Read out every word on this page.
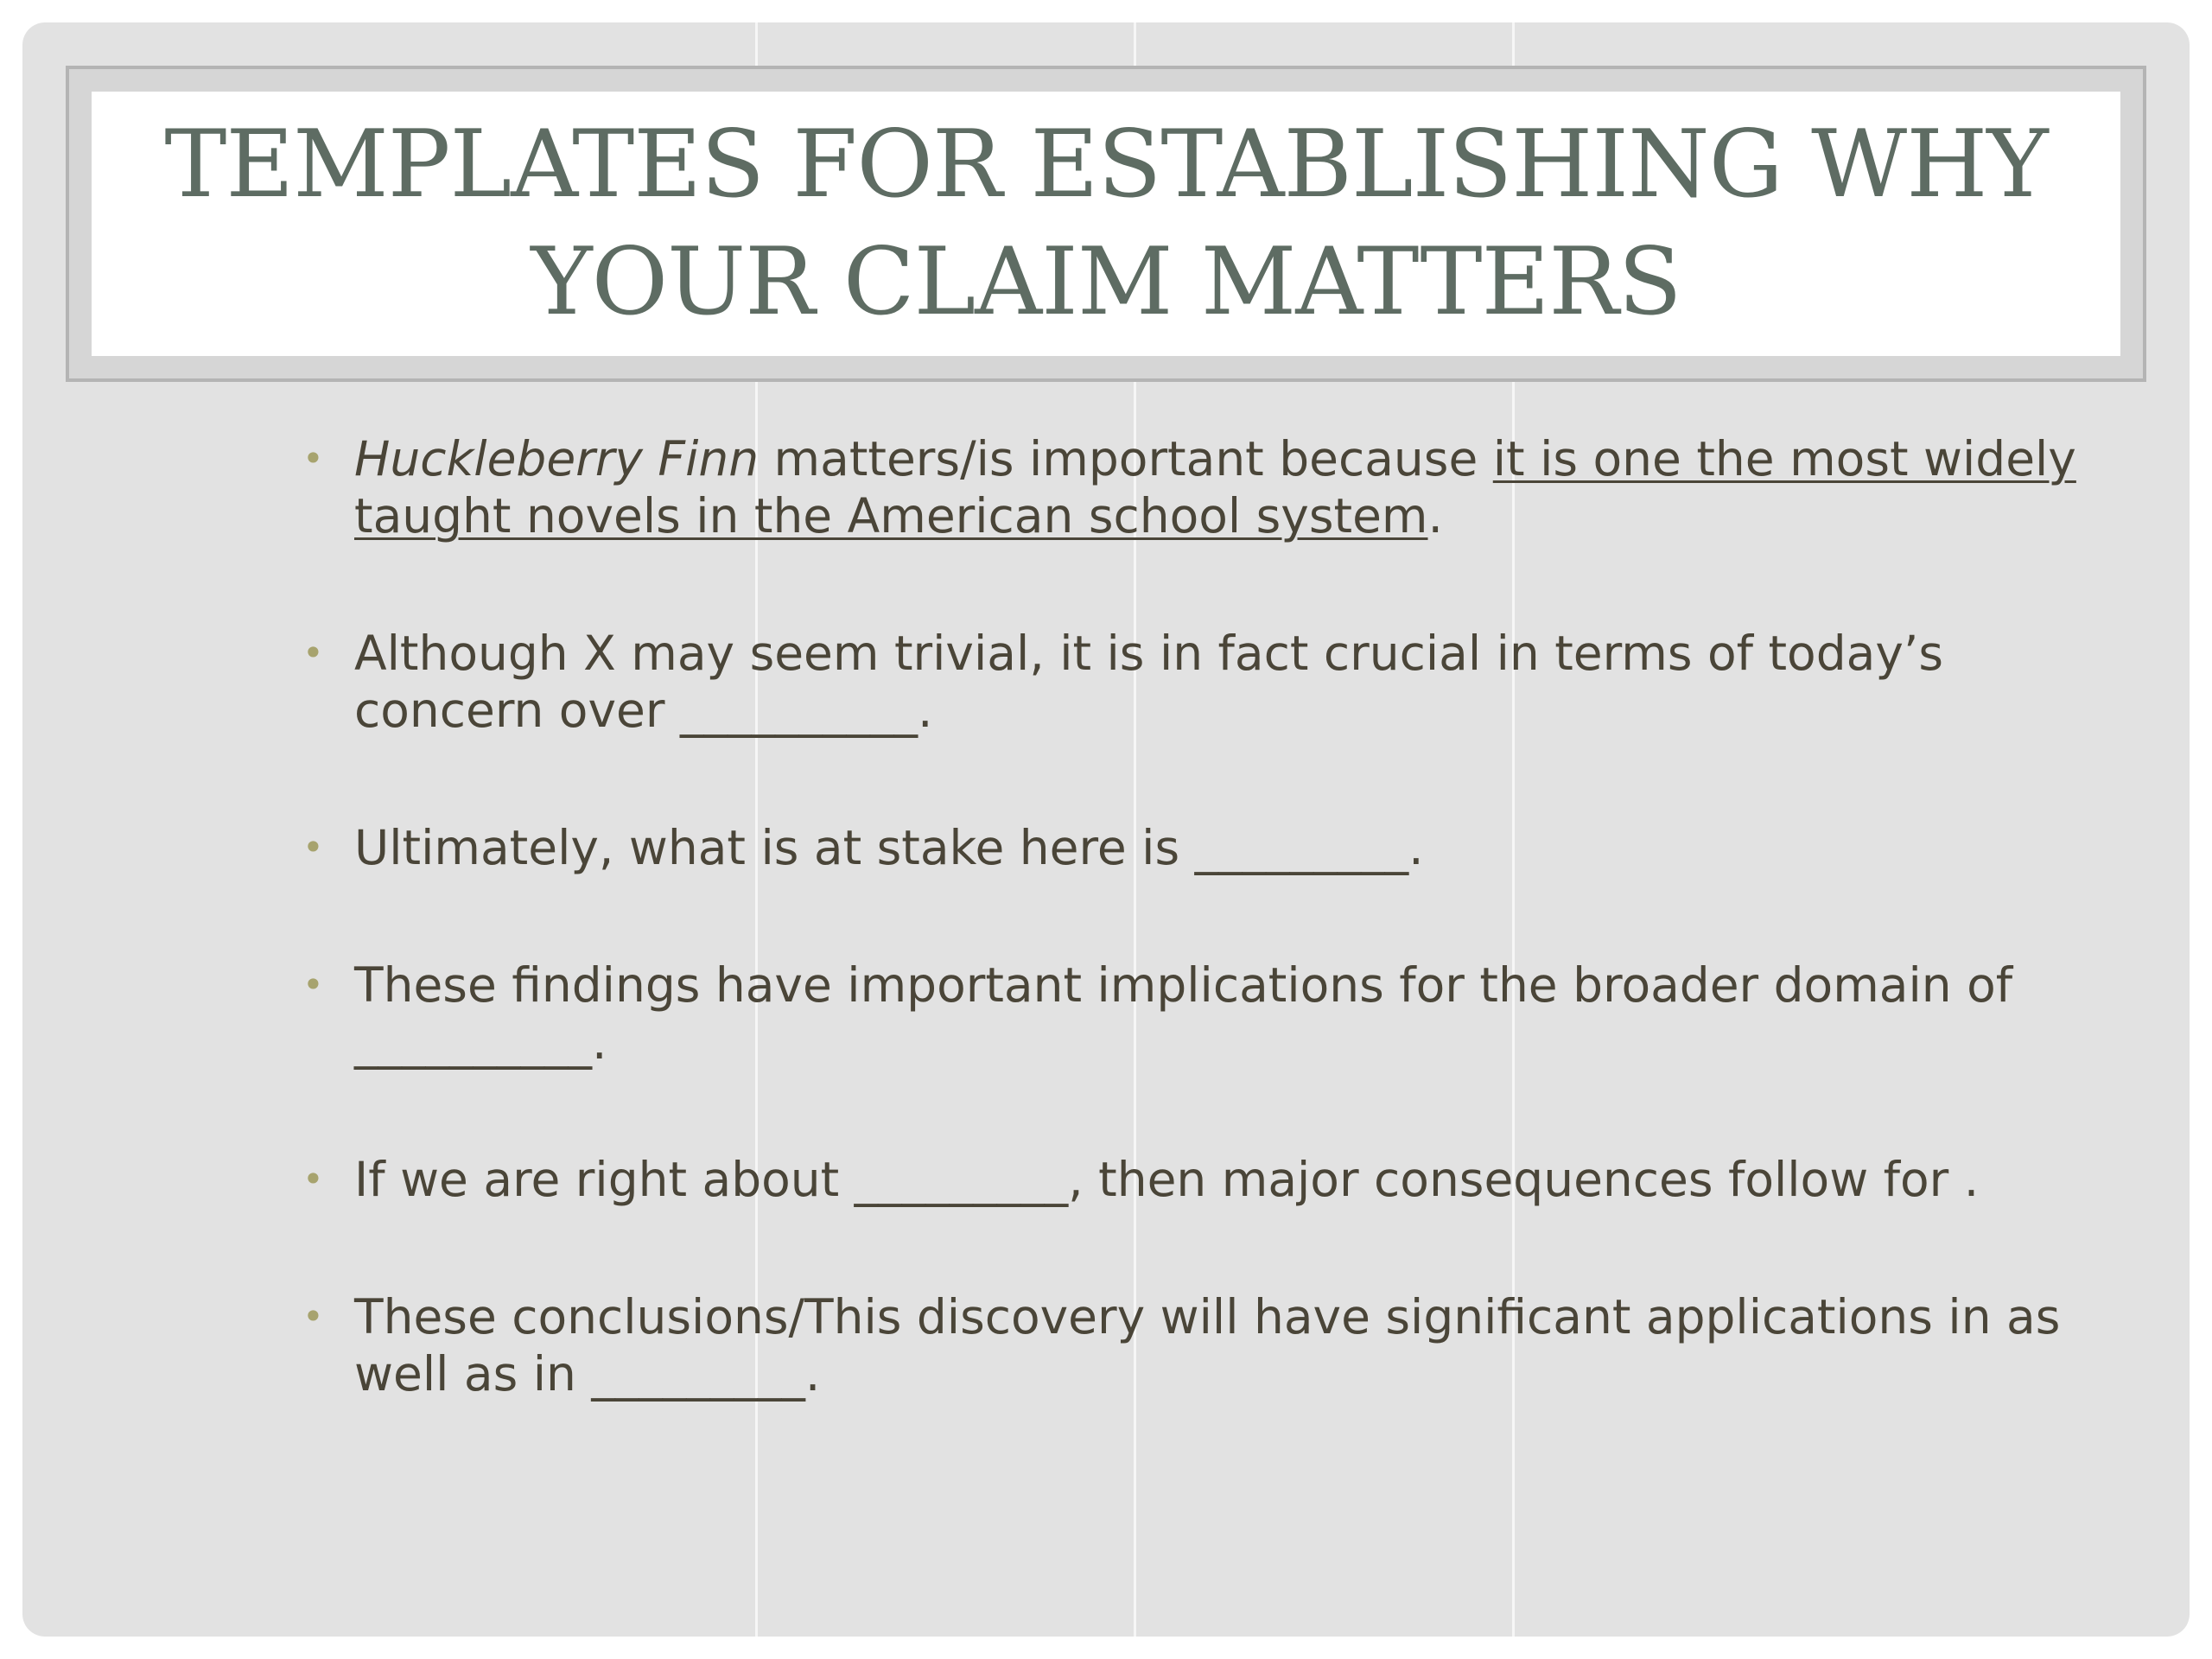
TEMPLATES FOR ESTABLISHING WHY
YOUR CLAIM MATTERS
• Huckleberry Finn matters/is important because it is one the most widely taught novels in the American school system.
• Although X may seem trivial, it is in fact crucial in terms of today’s concern over __________.
• Ultimately, what is at stake here is _________.
• These findings have important implications for the broader domain of __________.
• If we are right about _________, then major consequences follow for .
• These conclusions/This discovery will have significant applications in as well as in _________.
